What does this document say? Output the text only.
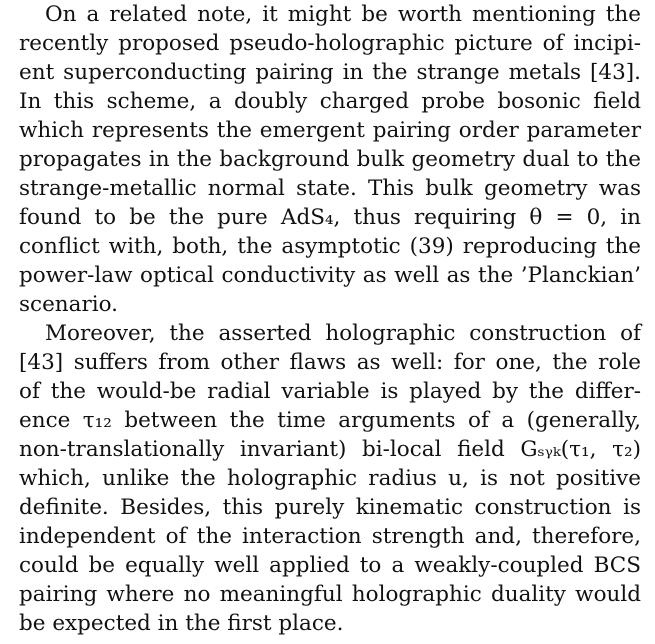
On a related note, it might be worth mentioning the
recently proposed pseudo-holographic picture of incipi-
ent superconducting pairing in the strange metals [43].
In this scheme, a doubly charged probe bosonic field
which represents the emergent pairing order parameter
propagates in the background bulk geometry dual to the
strange-metallic normal state. This bulk geometry was
found to be the pure AdS₄, thus requiring θ = 0, in
conflict with, both, the asymptotic (39) reproducing the
power-law optical conductivity as well as the ’Planckian’
scenario.
Moreover, the asserted holographic construction of
[43] suffers from other flaws as well: for one, the role
of the would-be radial variable is played by the differ-
ence τ₁₂ between the time arguments of a (generally,
non-translationally invariant) bi-local field Gₛᵧₖ(τ₁, τ₂)
which, unlike the holographic radius u, is not positive
definite. Besides, this purely kinematic construction is
independent of the interaction strength and, therefore,
could be equally well applied to a weakly-coupled BCS
pairing where no meaningful holographic duality would
be expected in the first place.
